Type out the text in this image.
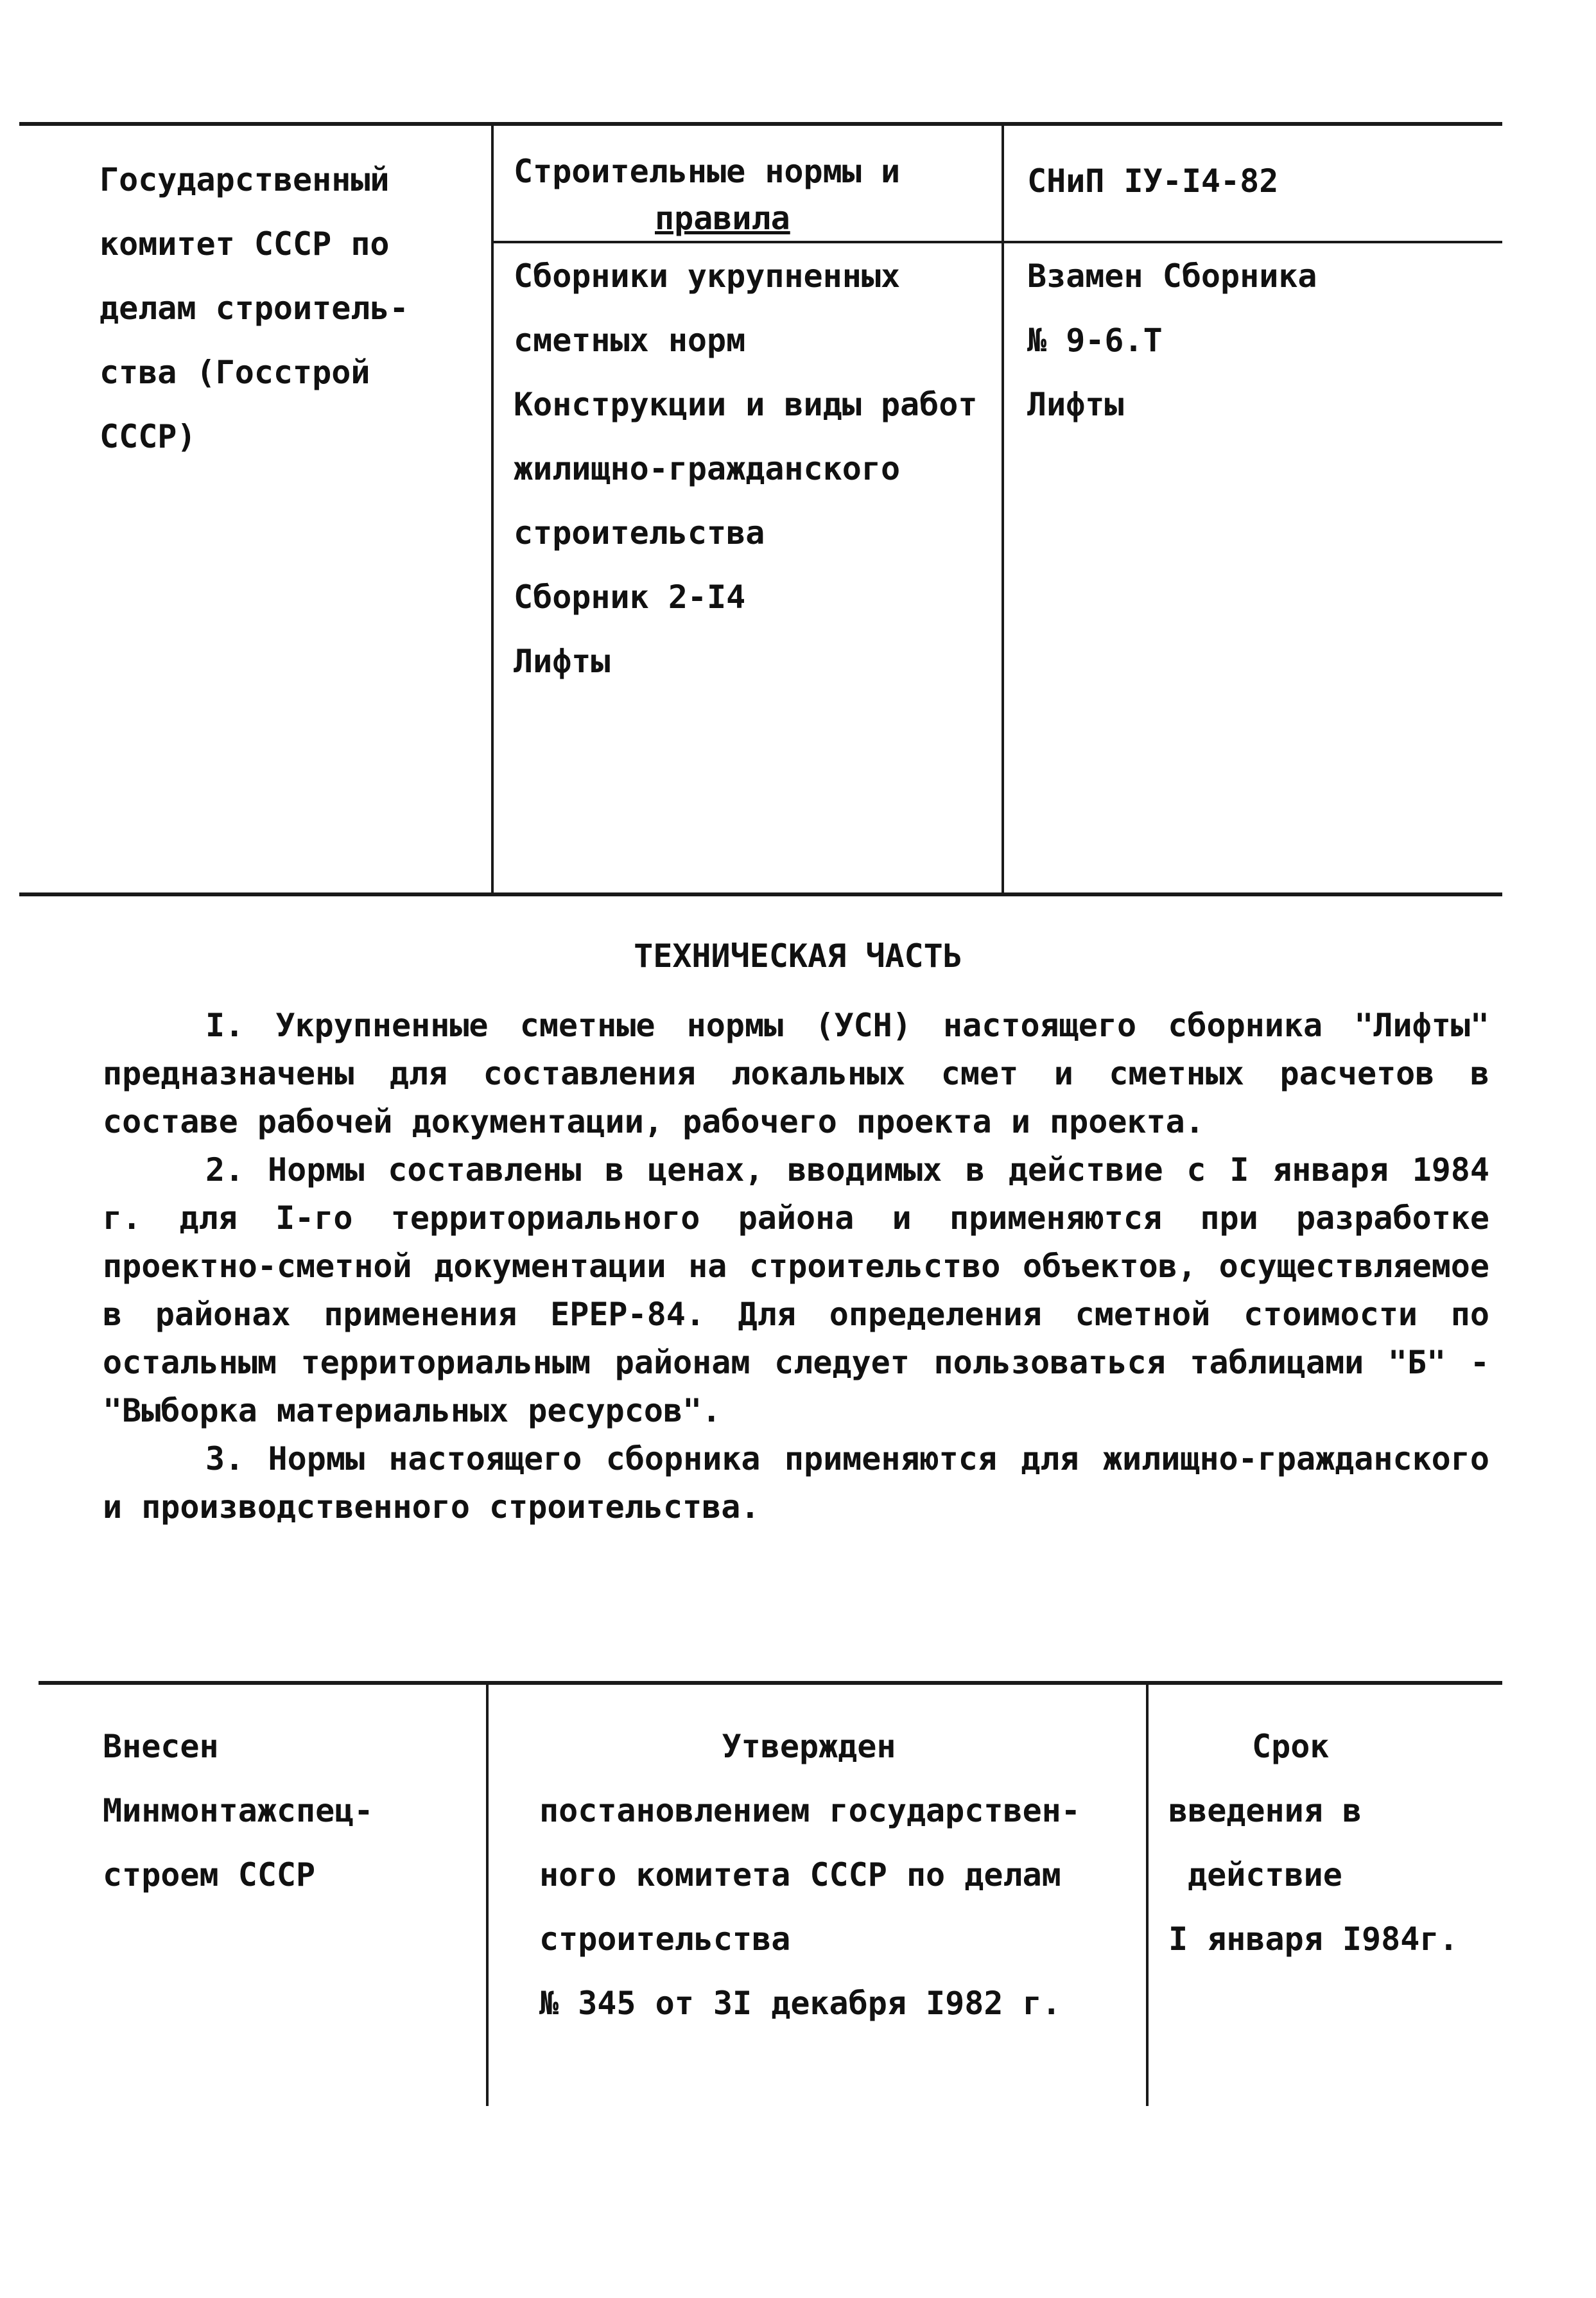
Государственный
комитет СССР по
делам строитель-
ства (Госстрой
СССР)
Строительные нормы и
правила
СНиП IУ-I4-82
Сборники укрупненных
сметных норм
Конструкции и виды работ
жилищно-гражданского
строительства
Сборник 2-I4
Лифты
Взамен Сборника
№ 9-6.Т
Лифты
ТЕХНИЧЕСКАЯ ЧАСТЬ

I. Укрупненные сметные нормы (УСН) настоящего сборника "Лифты" предназначены для составления локальных смет и сметных расчетов в составе рабочей документации, рабочего проекта и проекта.

2. Нормы составлены в ценах, вводимых в действие с I января 1984 г. для I-го территориального района и применяются при разработке проектно-сметной документации на строительство объектов, осуществляемое в районах применения ЕРЕР-84. Для определения сметной стоимости по остальным территориальным районам следует пользоваться таблицами "Б" - "Выборка материальных ресурсов".

3. Нормы настоящего сборника применяются для жилищно-гражданского и производственного строительства.

Внесен
Минмонтажспец-
строем СССР
Утвержден
постановлением государствен-
ного комитета СССР по делам
строительства
№ 345 от 3I декабря I982 г.
Срок
введения в
действие
I января I984г.
